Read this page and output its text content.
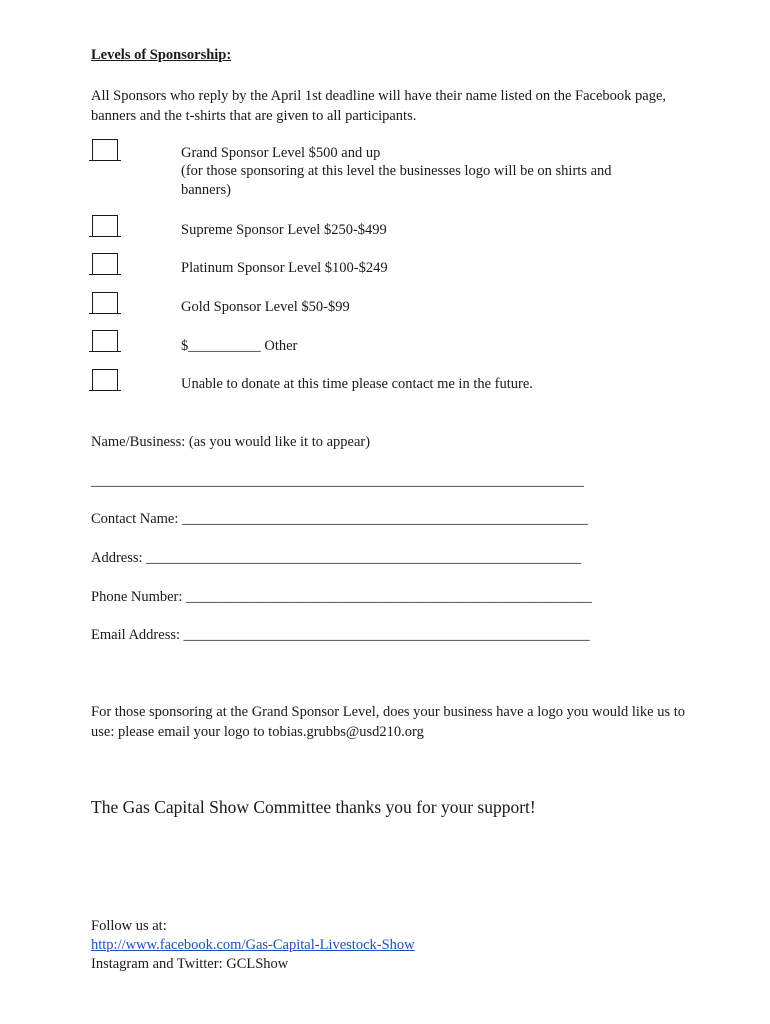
Levels of Sponsorship:
All Sponsors who reply by the April 1st deadline will have their name listed on the Facebook page, banners and the t-shirts that are given to all participants.
Grand Sponsor Level $500 and up
(for those sponsoring at this level the businesses logo will be on shirts and banners)
Supreme Sponsor Level $250-$499
Platinum Sponsor Level $100-$249
Gold Sponsor Level $50-$99
$__________ Other
Unable to donate at this time please contact me in the future.
Name/Business: (as you would like it to appear)
____________________________________________________________________
Contact Name: ________________________________________________________
Address: ____________________________________________________________
Phone Number: ________________________________________________________
Email Address: ________________________________________________________
For those sponsoring at the Grand Sponsor Level, does your business have a logo you would like us to use: please email your logo to tobias.grubbs@usd210.org
The Gas Capital Show Committee thanks you for your support!
Follow us at:
http://www.facebook.com/Gas-Capital-Livestock-Show
Instagram and Twitter: GCLShow
